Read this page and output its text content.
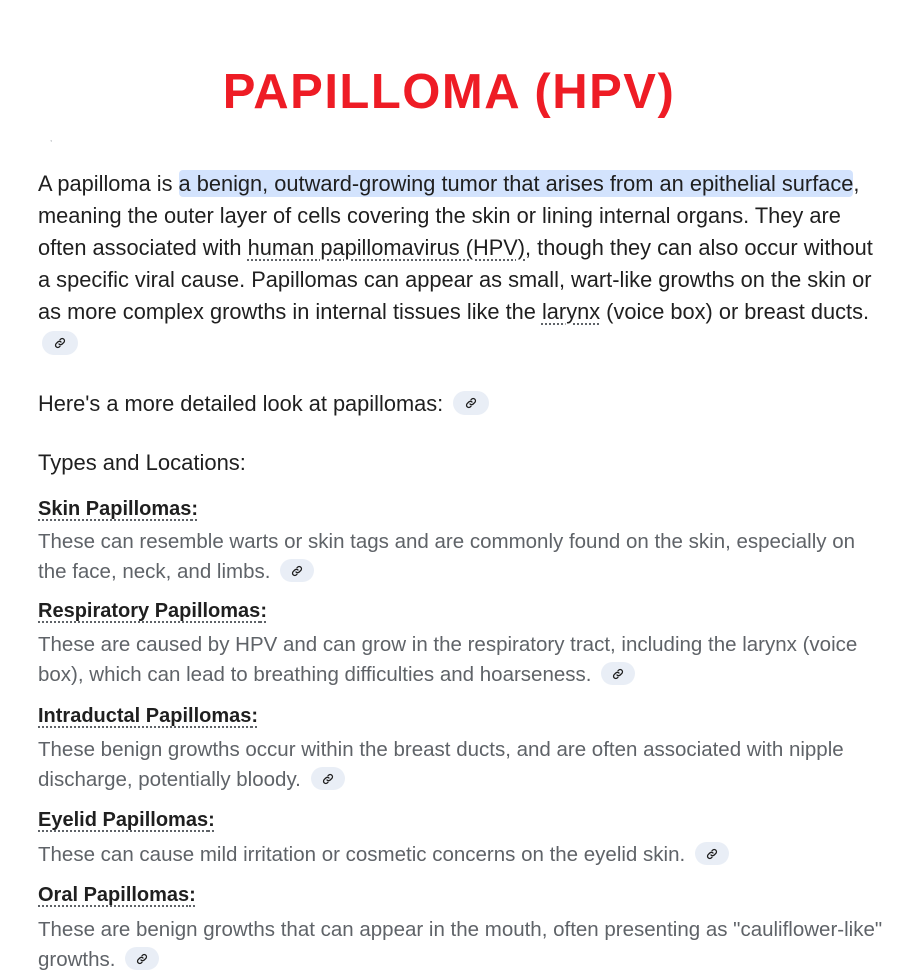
PAPILLOMA (HPV)
,
A papilloma is a benign, outward-growing tumor that arises from an epithelial surface, meaning the outer layer of cells covering the skin or lining internal organs. They are often associated with human papillomavirus (HPV), though they can also occur without a specific viral cause. Papillomas can appear as small, wart-like growths on the skin or as more complex growths in internal tissues like the larynx (voice box) or breast ducts.
Here's a more detailed look at papillomas:
Types and Locations:
Skin Papillomas:
These can resemble warts or skin tags and are commonly found on the skin, especially on the face, neck, and limbs.
Respiratory Papillomas:
These are caused by HPV and can grow in the respiratory tract, including the larynx (voice box), which can lead to breathing difficulties and hoarseness.
Intraductal Papillomas:
These benign growths occur within the breast ducts, and are often associated with nipple discharge, potentially bloody.
Eyelid Papillomas:
These can cause mild irritation or cosmetic concerns on the eyelid skin.
Oral Papillomas:
These are benign growths that can appear in the mouth, often presenting as "cauliflower-like" growths.
